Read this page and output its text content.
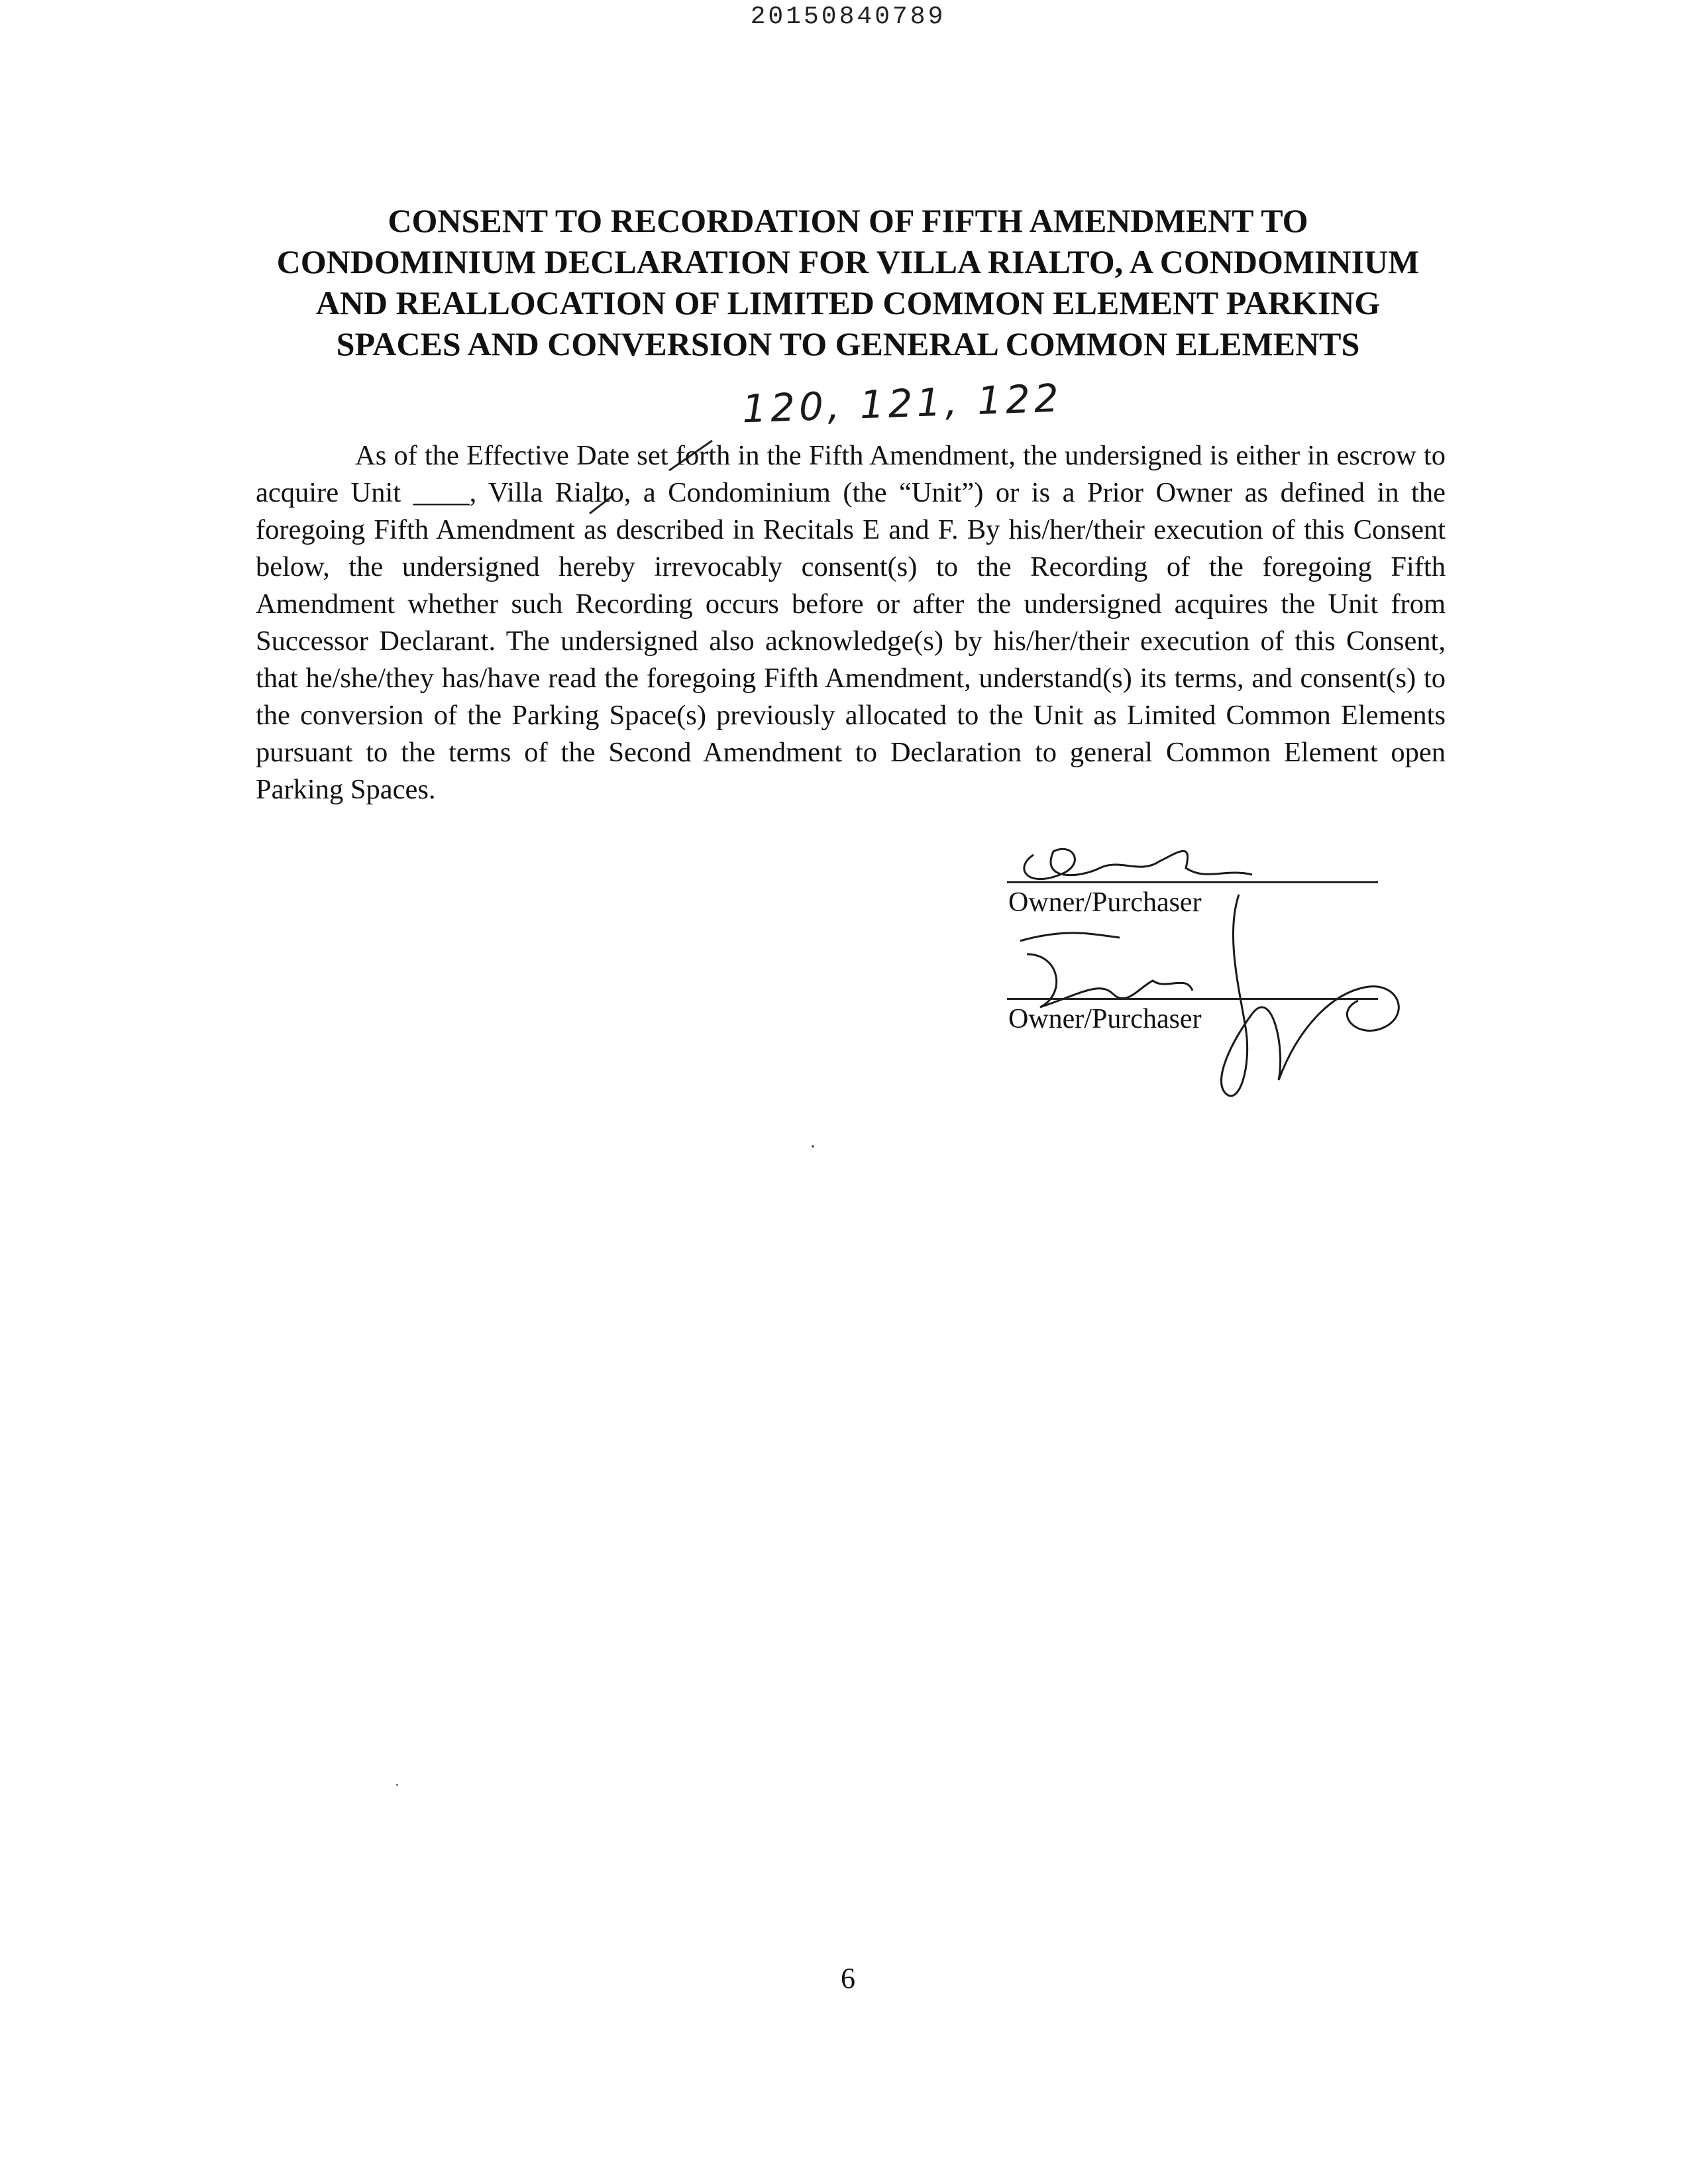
20150840789
CONSENT TO RECORDATION OF FIFTH AMENDMENT TO
CONDOMINIUM DECLARATION FOR VILLA RIALTO, A CONDOMINIUM
AND REALLOCATION OF LIMITED COMMON ELEMENT PARKING
SPACES AND CONVERSION TO GENERAL COMMON ELEMENTS
120, 121, 122

As of the Effective Date set forth in the Fifth Amendment, the undersigned is either in escrow to acquire Unit ____, Villa Rialto, a Condominium (the “Unit”) or is a Prior Owner as defined in the foregoing Fifth Amendment as described in Recitals E and F. By his/her/their execution of this Consent below, the undersigned hereby irrevocably consent(s) to the Recording of the foregoing Fifth Amendment whether such Recording occurs before or after the undersigned acquires the Unit from Successor Declarant. The undersigned also acknowledge(s) by his/her/their execution of this Consent, that he/she/they has/have read the foregoing Fifth Amendment, understand(s) its terms, and consent(s) to the conversion of the Parking Space(s) previously allocated to the Unit as Limited Common Elements pursuant to the terms of the Second Amendment to Declaration to general Common Element open Parking Spaces.

Owner/Purchaser
Owner/Purchaser
6
